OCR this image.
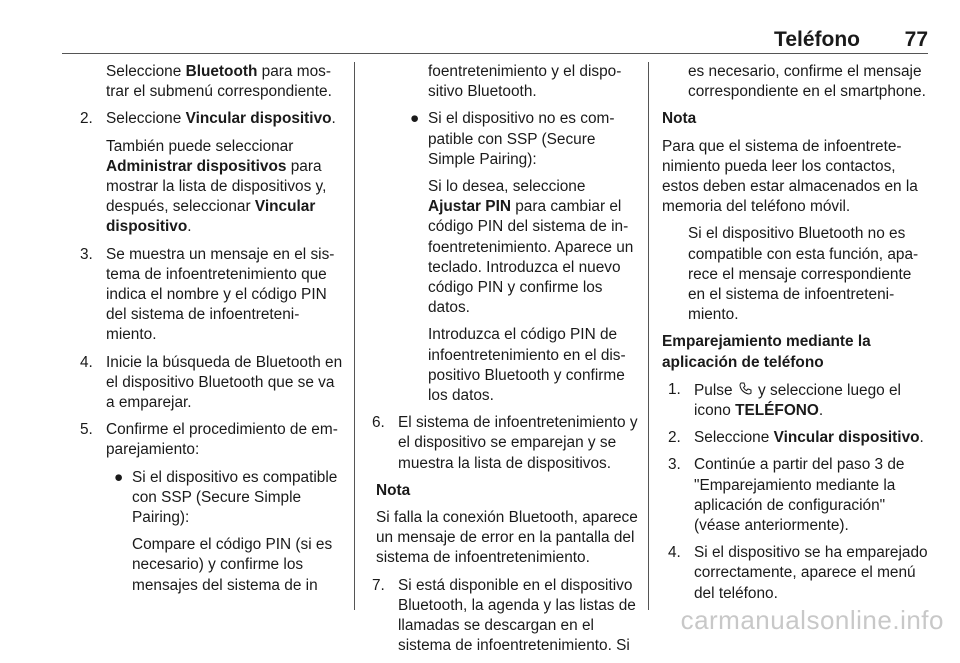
Teléfono 77

Seleccione Bluetooth para mostrar el submenú correspondiente.

2. Seleccione Vincular dispositivo.

También puede seleccionar Administrar dispositivos para mostrar la lista de dispositivos y, después, seleccionar Vincular dispositivo.

3. Se muestra un mensaje en el sistema de infoentretenimiento que indica el nombre y el código PIN del sistema de infoentretenimiento.
4. Inicie la búsqueda de Bluetooth en el dispositivo Bluetooth que se va a emparejar.
5. Confirme el procedimiento de emparejamiento:
● Si el dispositivo es compatible con SSP (Secure Simple Pairing):

Compare el código PIN (si es necesario) y confirme los mensajes del sistema de in

foentretenimiento y el dispositivo Bluetooth.

● Si el dispositivo no es compatible con SSP (Secure Simple Pairing):

Si lo desea, seleccione Ajustar PIN para cambiar el código PIN del sistema de infoentretenimiento. Aparece un teclado. Introduzca el nuevo código PIN y confirme los datos.

Introduzca el código PIN de infoentretenimiento en el dispositivo Bluetooth y confirme los datos.

6. El sistema de infoentretenimiento y el dispositivo se emparejan y se muestra la lista de dispositivos.

Nota

Si falla la conexión Bluetooth, aparece un mensaje de error en la pantalla del sistema de infoentretenimiento.

7. Si está disponible en el dispositivo Bluetooth, la agenda y las listas de llamadas se descargan en el sistema de infoentretenimiento. Si

es necesario, confirme el mensaje correspondiente en el smartphone.

Nota

Para que el sistema de infoentretenimiento pueda leer los contactos, estos deben estar almacenados en la memoria del teléfono móvil.

Si el dispositivo Bluetooth no es compatible con esta función, aparece el mensaje correspondiente en el sistema de infoentretenimiento.

Emparejamiento mediante la aplicación de teléfono

1. Pulse  y seleccione luego el icono TELÉFONO.
2. Seleccione Vincular dispositivo.
3. Continúe a partir del paso 3 de "Emparejamiento mediante la aplicación de configuración" (véase anteriormente).
4. Si el dispositivo se ha emparejado correctamente, aparece el menú del teléfono.
carmanualsonline.info
